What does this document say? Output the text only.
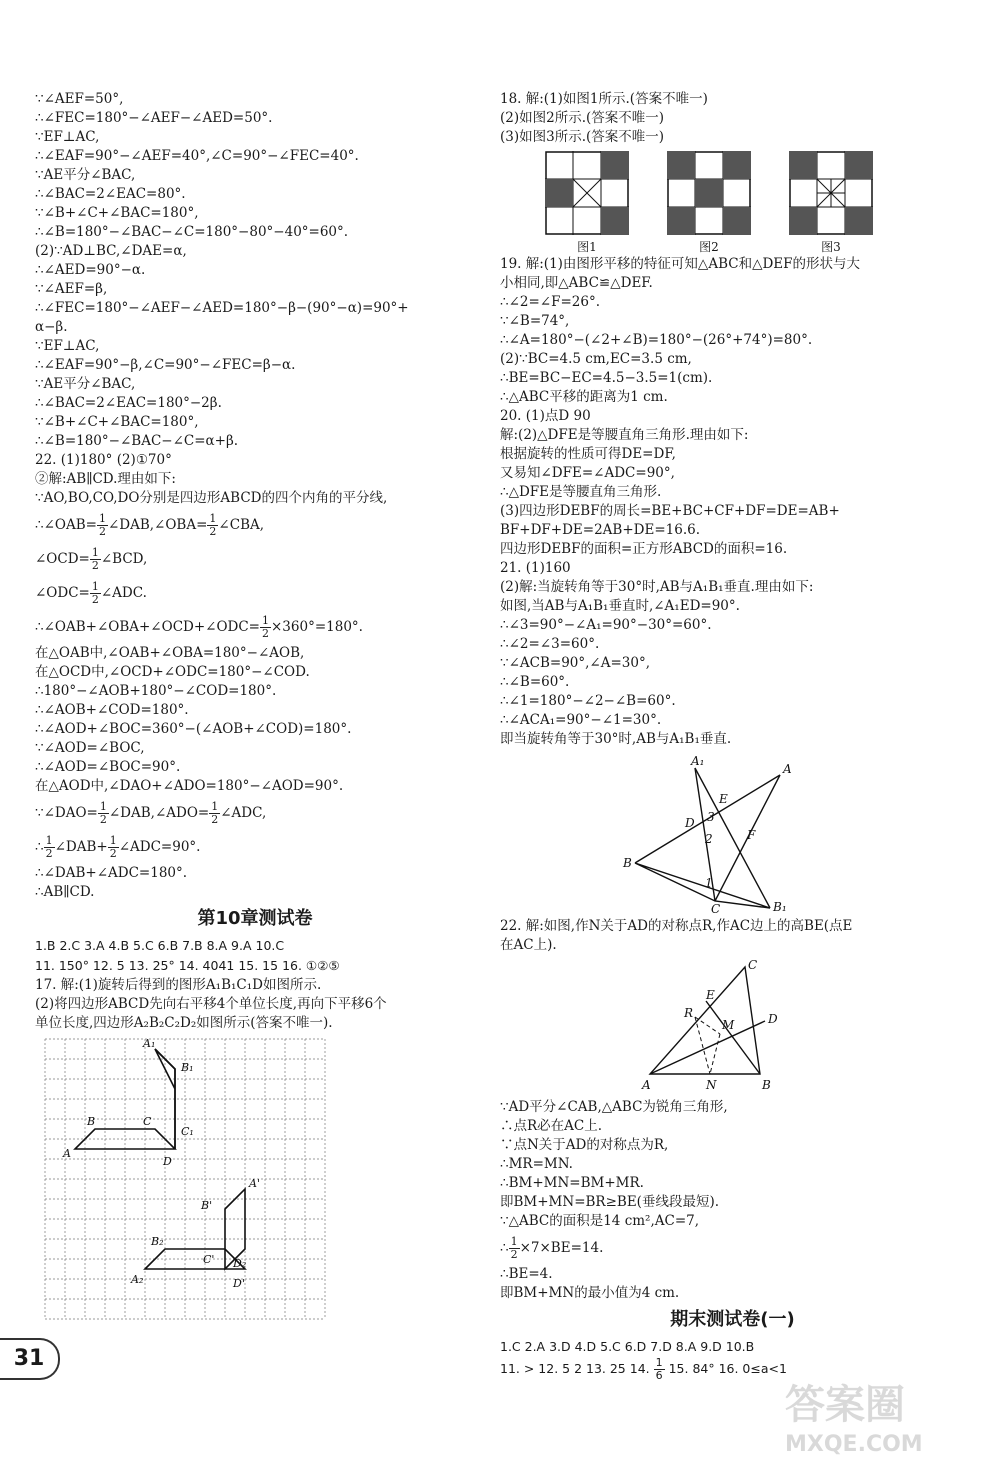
∵∠AEF=50°,
∴∠FEC=180°−∠AEF−∠AED=50°.
∵EF⊥AC,
∴∠EAF=90°−∠AEF=40°,∠C=90°−∠FEC=40°.
∵AE平分∠BAC,
∴∠BAC=2∠EAC=80°.
∵∠B+∠C+∠BAC=180°,
∴∠B=180°−∠BAC−∠C=180°−80°−40°=60°.
(2)∵AD⊥BC,∠DAE=α,
∴∠AED=90°−α.
∵∠AEF=β,
∴∠FEC=180°−∠AEF−∠AED=180°−β−(90°−α)=90°+
α−β.
∵EF⊥AC,
∴∠EAF=90°−β,∠C=90°−∠FEC=β−α.
∵AE平分∠BAC,
∴∠BAC=2∠EAC=180°−2β.
∵∠B+∠C+∠BAC=180°,
∴∠B=180°−∠BAC−∠C=α+β.
22. (1)180° (2)①70°
②解:AB∥CD.理由如下:
∵AO,BO,CO,DO分别是四边形ABCD的四个内角的平分线,
∴∠OAB= $\frac{1}{2}$ ∠DAB,∠OBA= $\frac{1}{2}$ ∠CBA,
∠OCD= $\frac{1}{2}$ ∠BCD,
∠ODC= $\frac{1}{2}$ ∠ADC.
∴∠OAB+∠OBA+∠OCD+∠ODC= $\frac{1}{2} \times 360^\circ=180^\circ$.
在△OAB中,∠OAB+∠OBA=180°−∠AOB,
在△OCD中,∠OCD+∠ODC=180°−∠COD.
∴180°−∠AOB+180°−∠COD=180°.
∴∠AOB+∠COD=180°.
∴∠AOD+∠BOC=360°−(∠AOB+∠COD)=180°.
∵∠AOD=∠BOC,
∴∠AOD=∠BOC=90°.
在△AOD中,∠DAO+∠ADO=180°−∠AOD=90°.
∵∠DAO= $\frac{1}{2}$ ∠DAB,∠ADO= $\frac{1}{2}$ ∠ADC,
∴ $\frac{1}{2}$ ∠DAB+ $\frac{1}{2}$ ∠ADC=90°.
∴∠DAB+∠ADC=180°.
∴AB∥CD.
第10章测试卷
1.B 2.C 3.A 4.B 5.C 6.B 7.B 8.A 9.A 10.C
11. 150° 12. 5 13. 25° 14. 4041 15. 15 16. ①②⑤
17. 解:(1)旋转后得到的图形A₁B₁C₁D如图所示.
(2)将四边形ABCD先向右平移4个单位长度,再向下平移6个
单位长度,四边形A₂B₂C₂D₂如图所示(答案不唯一).
A
B	C
D
A₁
B₁
C₁
A₂
B₂
C' D₂
A'
B'
D'
18. 解:(1)如图1所示.(答案不唯一)
(2)如图2所示.(答案不唯一)
(3)如图3所示.(答案不唯一)
图1	图2	图3
19. 解:(1)由图形平移的特征可知△ABC和△DEF的形状与大
小相同,即△ABC≌△DEF.
∴∠2=∠F=26°.
∵∠B=74°,
∴∠A=180°−(∠2+∠B)=180°−(26°+74°)=80°.
(2)∵BC=4.5 cm,EC=3.5 cm,
∴BE=BC−EC=4.5−3.5=1(cm).
∴△ABC平移的距离为1 cm.
20. (1)点D 90
解:(2)△DFE是等腰直角三角形.理由如下:
根据旋转的性质可得DE=DF,
又易知∠DFE=∠ADC=90°,
∴△DFE是等腰直角三角形.
(3)四边形DEBF的周长=BE+BC+CF+DF=DE=AB+
BF+DF+DE=2AB+DE=16.6.
四边形DEBF的面积=正方形ABCD的面积=16.
21. (1)160
(2)解:当旋转角等于30°时,AB与A₁B₁垂直.理由如下:
如图,当AB与A₁B₁垂直时,∠A₁ED=90°.
∴∠3=90°−∠A₁=90°−30°=60°.
∴∠2=∠3=60°.
∵∠ACB=90°,∠A=30°,
∴∠B=60°.
∴∠1=180°−∠2−∠B=60°.
∴∠ACA₁=90°−∠1=30°.
即当旋转角等于30°时,AB与A₁B₁垂直.
A₁
A
E
D 3
2	F
B
1
C	B₁
22. 解:如图,作N关于AD的对称点R,作AC边上的高BE(点E
在AC上).
C
E
R
M	D
A	N	B
∵AD平分∠CAB,△ABC为锐角三角形,
∴点R必在AC上.
∵点N关于AD的对称点为R,
∴MR=MN.
∴BM+MN=BM+MR.
即BM+MN=BR≥BE(垂线段最短).
∵△ABC的面积是14 cm²,AC=7,
∴ $\frac{1}{2} \times 7\times BE=14$.
∴BE=4.
即BM+MN的最小值为4 cm.
期末测试卷(一)
1.C 2.A 3.D 4.D 5.C 6.D 7.D 8.A 9.D 10.B
11. > 12. 5 2 13. 25 14. $\frac{1}{6} 15$. 84° 16. 0≤a<1
31
答案圈
MXQE.COM
